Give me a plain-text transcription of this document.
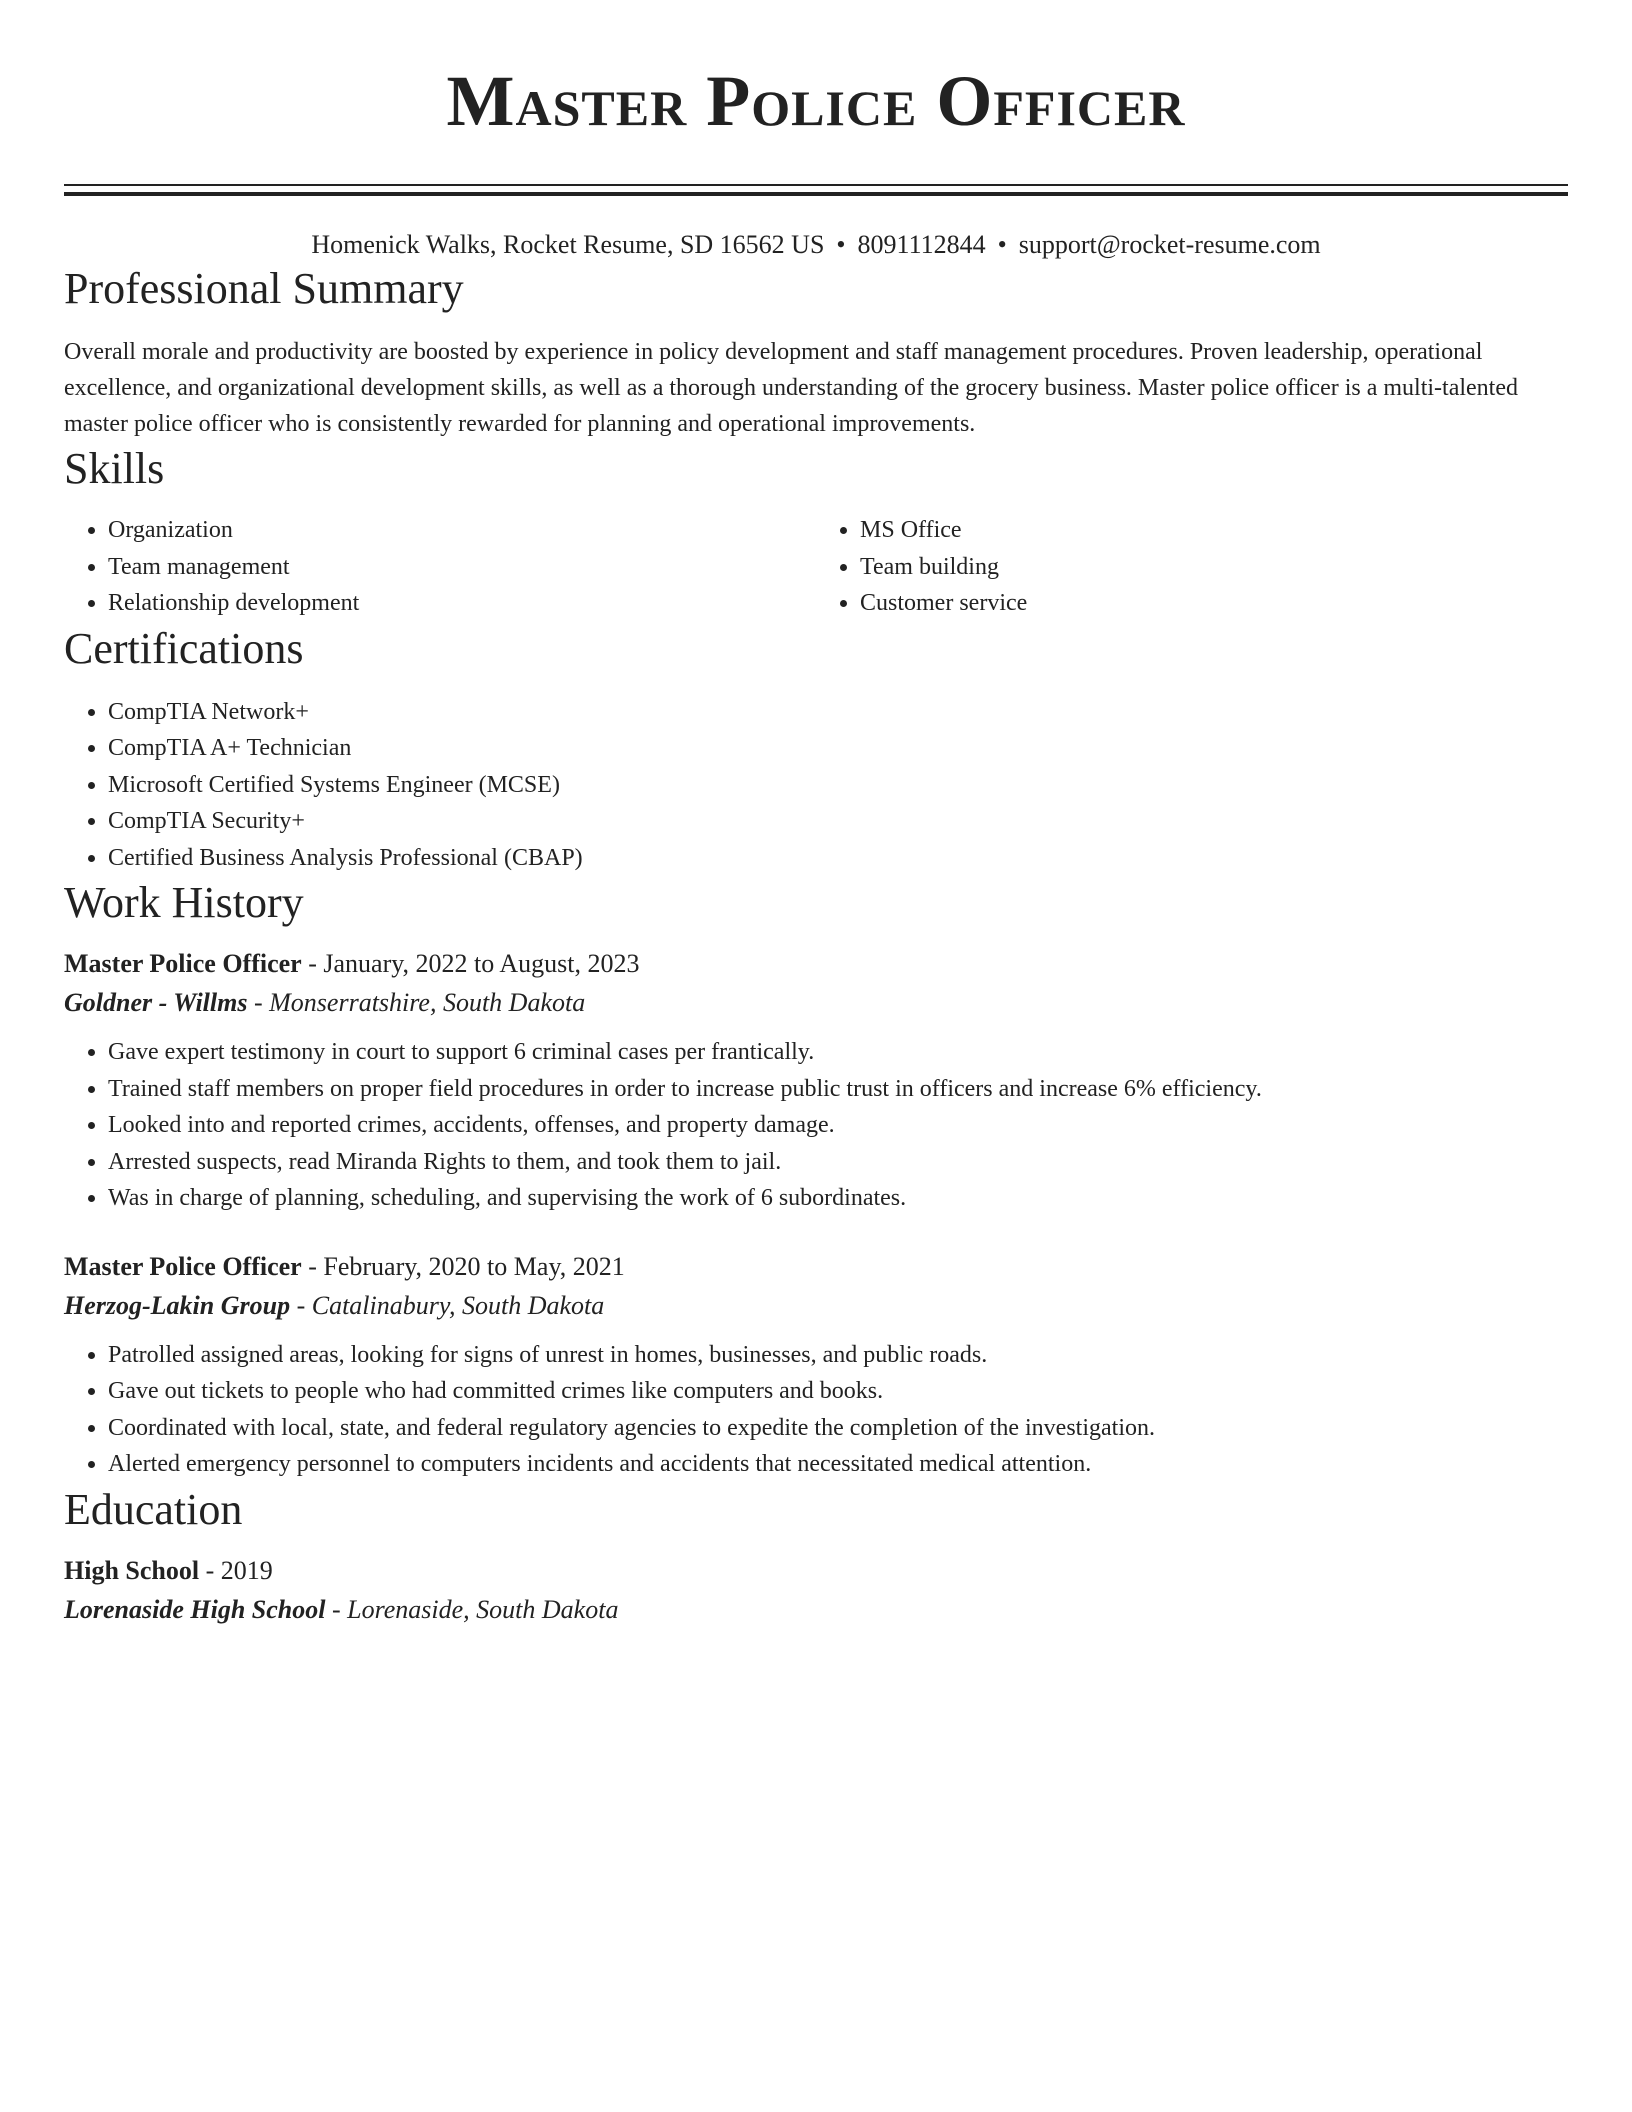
Master Police Officer
Homenick Walks, Rocket Resume, SD 16562 US • 8091112844 • support@rocket-resume.com
Professional Summary

Overall morale and productivity are boosted by experience in policy development and staff management procedures. Proven leadership, operational excellence, and organizational development skills, as well as a thorough understanding of the grocery business. Master police officer is a multi-talented master police officer who is consistently rewarded for planning and operational improvements.

Skills
• Organization
• Team management
• Relationship development
• MS Office
• Team building
• Customer service
Certifications
• CompTIA Network+
• CompTIA A+ Technician
• Microsoft Certified Systems Engineer (MCSE)
• CompTIA Security+
• Certified Business Analysis Professional (CBAP)
Work History
Master Police Officer - January, 2022 to August, 2023
Goldner - Willms - Monserratshire, South Dakota
• Gave expert testimony in court to support 6 criminal cases per frantically.
• Trained staff members on proper field procedures in order to increase public trust in officers and increase 6% efficiency.
• Looked into and reported crimes, accidents, offenses, and property damage.
• Arrested suspects, read Miranda Rights to them, and took them to jail.
• Was in charge of planning, scheduling, and supervising the work of 6 subordinates.
Master Police Officer - February, 2020 to May, 2021
Herzog-Lakin Group - Catalinabury, South Dakota
• Patrolled assigned areas, looking for signs of unrest in homes, businesses, and public roads.
• Gave out tickets to people who had committed crimes like computers and books.
• Coordinated with local, state, and federal regulatory agencies to expedite the completion of the investigation.
• Alerted emergency personnel to computers incidents and accidents that necessitated medical attention.
Education
High School - 2019
Lorenaside High School - Lorenaside, South Dakota
